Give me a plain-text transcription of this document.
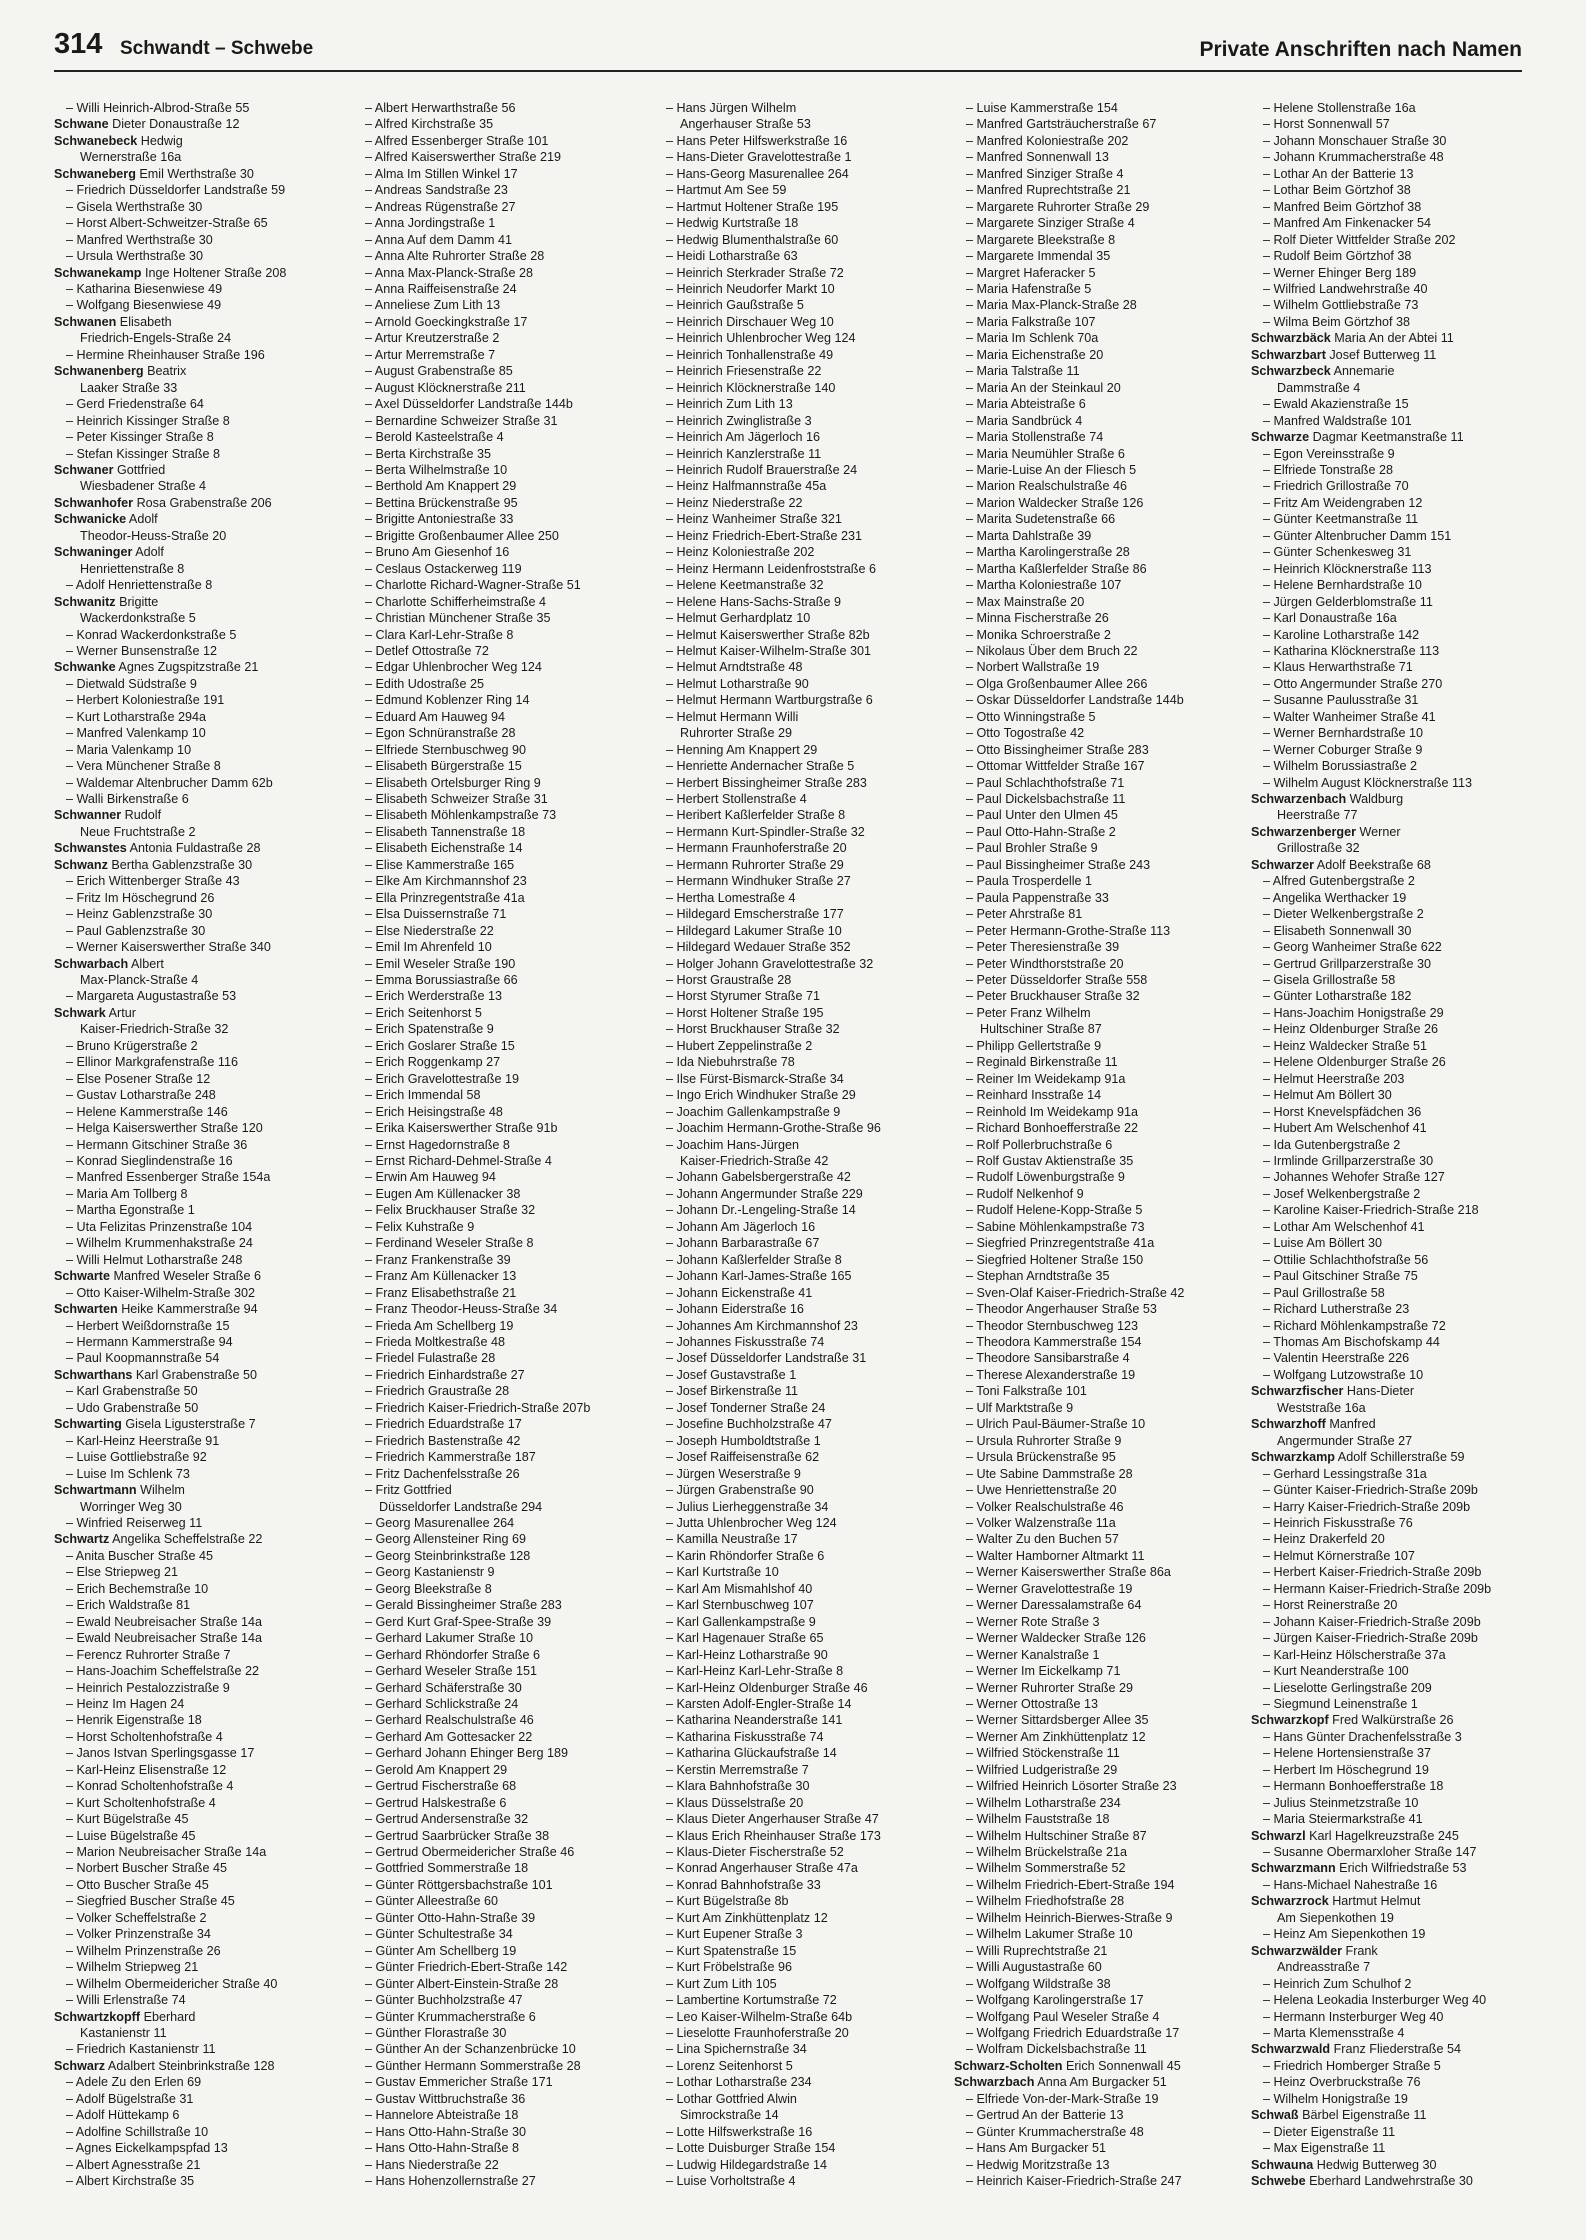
314 Schwandt – Schwebe	Private Anschriften nach Namen
– Willi Heinrich-Albrod-Straße 55
Schwane Dieter Donaustraße 12
Schwanebeck Hedwig
Wernerstraße 16a
Schwaneberg Emil Werthstraße 30
– Friedrich Düsseldorfer Landstraße 59
– Gisela Werthstraße 30
– Horst Albert-Schweitzer-Straße 65
– Manfred Werthstraße 30
– Ursula Werthstraße 30
Schwanekamp Inge Holtener Straße 208
– Katharina Biesenwiese 49
– Wolfgang Biesenwiese 49
Schwanen Elisabeth
Friedrich-Engels-Straße 24
– Hermine Rheinhauser Straße 196
Schwanenberg Beatrix
Laaker Straße 33
– Gerd Friedenstraße 64
– Heinrich Kissinger Straße 8
– Peter Kissinger Straße 8
– Stefan Kissinger Straße 8
Schwaner Gottfried
Wiesbadener Straße 4
Schwanhofer Rosa Grabenstraße 206
Schwanicke Adolf
Theodor-Heuss-Straße 20
Schwaninger Adolf
Henriettenstraße 8
– Adolf Henriettenstraße 8
Schwanitz Brigitte
Wackerdonkstraße 5
– Konrad Wackerdonkstraße 5
– Werner Bunsenstraße 12
Schwanke Agnes Zugspitzstraße 21
– Dietwald Südstraße 9
– Herbert Koloniestraße 191
– Kurt Lotharstraße 294a
– Manfred Valenkamp 10
– Maria Valenkamp 10
– Vera Münchener Straße 8
– Waldemar Altenbrucher Damm 62b
– Walli Birkenstraße 6
Schwanner Rudolf
Neue Fruchtstraße 2
Schwanstes Antonia Fuldastraße 28
Schwanz Bertha Gablenzstraße 30
– Erich Wittenberger Straße 43
– Fritz Im Höschegrund 26
– Heinz Gablenzstraße 30
– Paul Gablenzstraße 30
– Werner Kaiserswerther Straße 340
Schwarbach Albert
Max-Planck-Straße 4
– Margareta Augustastraße 53
Schwark Artur
Kaiser-Friedrich-Straße 32
– Bruno Krügerstraße 2
– Ellinor Markgrafenstraße 116
– Else Posener Straße 12
– Gustav Lotharstraße 248
– Helene Kammerstraße 146
– Helga Kaiserswerther Straße 120
– Hermann Gitschiner Straße 36
– Konrad Sieglindenstraße 16
– Manfred Essenberger Straße 154a
– Maria Am Tollberg 8
– Martha Egonstraße 1
– Uta Felizitas Prinzenstraße 104
– Wilhelm Krummenhakstraße 24
– Willi Helmut Lotharstraße 248
Schwarte Manfred Weseler Straße 6
– Otto Kaiser-Wilhelm-Straße 302
Schwarten Heike Kammerstraße 94
– Herbert Weißdornstraße 15
– Hermann Kammerstraße 94
– Paul Koopmannstraße 54
Schwarthans Karl Grabenstraße 50
– Karl Grabenstraße 50
– Udo Grabenstraße 50
Schwarting Gisela Ligusterstraße 7
– Karl-Heinz Heerstraße 91
– Luise Gottliebstraße 92
– Luise Im Schlenk 73
Schwartmann Wilhelm
Worringer Weg 30
– Winfried Reiserweg 11
Schwartz Angelika Scheffelstraße 22
– Anita Buscher Straße 45
– Else Striepweg 21
– Erich Bechemstraße 10
– Erich Waldstraße 81
– Ewald Neubreisacher Straße 14a
– Ewald Neubreisacher Straße 14a
– Ferencz Ruhrorter Straße 7
– Hans-Joachim Scheffelstraße 22
– Heinrich Pestalozzistraße 9
– Heinz Im Hagen 24
– Henrik Eigenstraße 18
– Horst Scholtenhofstraße 4
– Janos Istvan Sperlingsgasse 17
– Karl-Heinz Elisenstraße 12
– Konrad Scholtenhofstraße 4
– Kurt Scholtenhofstraße 4
– Kurt Bügelstraße 45
– Luise Bügelstraße 45
– Marion Neubreisacher Straße 14a
– Norbert Buscher Straße 45
– Otto Buscher Straße 45
– Siegfried Buscher Straße 45
– Volker Scheffelstraße 2
– Volker Prinzenstraße 34
– Wilhelm Prinzenstraße 26
– Wilhelm Striepweg 21
– Wilhelm Obermeidericher Straße 40
– Willi Erlenstraße 74
Schwartzkopff Eberhard
Kastanienstr 11
– Friedrich Kastanienstr 11
Schwarz Adalbert Steinbrinkstraße 128
– Adele Zu den Erlen 69
– Adolf Bügelstraße 31
– Adolf Hüttekamp 6
– Adolfine Schillstraße 10
– Agnes Eickelkampspfad 13
– Albert Agnesstraße 21
– Albert Kirchstraße 35
– Albert Herwarthstraße 56
– Alfred Kirchstraße 35
– Alfred Essenberger Straße 101
– Alfred Kaiserswerther Straße 219
– Alma Im Stillen Winkel 17
– Andreas Sandstraße 23
– Andreas Rügenstraße 27
– Anna Jordingstraße 1
– Anna Auf dem Damm 41
– Anna Alte Ruhrorter Straße 28
– Anna Max-Planck-Straße 28
– Anna Raiffeisenstraße 24
– Anneliese Zum Lith 13
– Arnold Goeckingkstraße 17
– Artur Kreutzerstraße 2
– Artur Merremstraße 7
– August Grabenstraße 85
– August Klöcknerstraße 211
– Axel Düsseldorfer Landstraße 144b
– Bernardine Schweizer Straße 31
– Berold Kasteelstraße 4
– Berta Kirchstraße 35
– Berta Wilhelmstraße 10
– Berthold Am Knappert 29
– Bettina Brückenstraße 95
– Brigitte Antoniestraße 33
– Brigitte Großenbaumer Allee 250
– Bruno Am Giesenhof 16
– Ceslaus Ostackerweg 119
– Charlotte Richard-Wagner-Straße 51
– Charlotte Schifferheimstraße 4
– Christian Münchener Straße 35
– Clara Karl-Lehr-Straße 8
– Detlef Ottostraße 72
– Edgar Uhlenbrocher Weg 124
– Edith Udostraße 25
– Edmund Koblenzer Ring 14
– Eduard Am Hauweg 94
– Egon Schnüranstraße 28
– Elfriede Sternbuschweg 90
– Elisabeth Bürgerstraße 15
– Elisabeth Ortelsburger Ring 9
– Elisabeth Schweizer Straße 31
– Elisabeth Möhlenkampstraße 73
– Elisabeth Tannenstraße 18
– Elisabeth Eichenstraße 14
– Elise Kammerstraße 165
– Elke Am Kirchmannshof 23
– Ella Prinzregentstraße 41a
– Elsa Duissernstraße 71
– Else Niederstraße 22
– Emil Im Ahrenfeld 10
– Emil Weseler Straße 190
– Emma Borussiastraße 66
– Erich Werderstraße 13
– Erich Seitenhorst 5
– Erich Spatenstraße 9
– Erich Goslarer Straße 15
– Erich Roggenkamp 27
– Erich Gravelottestraße 19
– Erich Immendal 58
– Erich Heisingstraße 48
– Erika Kaiserswerther Straße 91b
– Ernst Hagedornstraße 8
– Ernst Richard-Dehmel-Straße 4
– Erwin Am Hauweg 94
– Eugen Am Küllenacker 38
– Felix Bruckhauser Straße 32
– Felix Kuhstraße 9
– Ferdinand Weseler Straße 8
– Franz Frankenstraße 39
– Franz Am Küllenacker 13
– Franz Elisabethstraße 21
– Franz Theodor-Heuss-Straße 34
– Frieda Am Schellberg 19
– Frieda Moltkestraße 48
– Friedel Fulastraße 28
– Friedrich Einhardstraße 27
– Friedrich Graustraße 28
– Friedrich Kaiser-Friedrich-Straße 207b
– Friedrich Eduardstraße 17
– Friedrich Bastenstraße 42
– Friedrich Kammerstraße 187
– Fritz Dachenfelsstraße 26
– Fritz Gottfried
Düsseldorfer Landstraße 294
– Georg Masurenallee 264
– Georg Allensteiner Ring 69
– Georg Steinbrinkstraße 128
– Georg Kastanienstr 9
– Georg Bleekstraße 8
– Gerald Bissingheimer Straße 283
– Gerd Kurt Graf-Spee-Straße 39
– Gerhard Lakumer Straße 10
– Gerhard Rhöndorfer Straße 6
– Gerhard Weseler Straße 151
– Gerhard Schäferstraße 30
– Gerhard Schlickstraße 24
– Gerhard Realschulstraße 46
– Gerhard Am Gottesacker 22
– Gerhard Johann Ehinger Berg 189
– Gerold Am Knappert 29
– Gertrud Fischerstraße 68
– Gertrud Halskestraße 6
– Gertrud Andersenstraße 32
– Gertrud Saarbrücker Straße 38
– Gertrud Obermeidericher Straße 46
– Gottfried Sommerstraße 18
– Günter Röttgersbachstraße 101
– Günter Alleestraße 60
– Günter Otto-Hahn-Straße 39
– Günter Schultestraße 34
– Günter Am Schellberg 19
– Günter Friedrich-Ebert-Straße 142
– Günter Albert-Einstein-Straße 28
– Günter Buchholzstraße 47
– Günter Krummacherstraße 6
– Günther Florastraße 30
– Günther An der Schanzenbrücke 10
– Günther Hermann Sommerstraße 28
– Gustav Emmericher Straße 171
– Gustav Wittbruchstraße 36
– Hannelore Abteistraße 18
– Hans Otto-Hahn-Straße 30
– Hans Otto-Hahn-Straße 8
– Hans Niederstraße 22
– Hans Hohenzollernstraße 27
– Hans Jürgen Wilhelm
Angerhauser Straße 53
– Hans Peter Hilfswerkstraße 16
– Hans-Dieter Gravelottestraße 1
– Hans-Georg Masurenallee 264
– Hartmut Am See 59
– Hartmut Holtener Straße 195
– Hedwig Kurtstraße 18
– Hedwig Blumenthalstraße 60
– Heidi Lotharstraße 63
– Heinrich Sterkrader Straße 72
– Heinrich Neudorfer Markt 10
– Heinrich Gaußstraße 5
– Heinrich Dirschauer Weg 10
– Heinrich Uhlenbrocher Weg 124
– Heinrich Tonhallenstraße 49
– Heinrich Friesenstraße 22
– Heinrich Klöcknerstraße 140
– Heinrich Zum Lith 13
– Heinrich Zwinglistraße 3
– Heinrich Am Jägerloch 16
– Heinrich Kanzlerstraße 11
– Heinrich Rudolf Brauerstraße 24
– Heinz Halfmannstraße 45a
– Heinz Niederstraße 22
– Heinz Wanheimer Straße 321
– Heinz Friedrich-Ebert-Straße 231
– Heinz Koloniestraße 202
– Heinz Hermann Leidenfroststraße 6
– Helene Keetmanstraße 32
– Helene Hans-Sachs-Straße 9
– Helmut Gerhardplatz 10
– Helmut Kaiserswerther Straße 82b
– Helmut Kaiser-Wilhelm-Straße 301
– Helmut Arndtstraße 48
– Helmut Lotharstraße 90
– Helmut Hermann Wartburgstraße 6
– Helmut Hermann Willi
Ruhrorter Straße 29
– Henning Am Knappert 29
– Henriette Andernacher Straße 5
– Herbert Bissingheimer Straße 283
– Herbert Stollenstraße 4
– Heribert Kaßlerfelder Straße 8
– Hermann Kurt-Spindler-Straße 32
– Hermann Fraunhoferstraße 20
– Hermann Ruhrorter Straße 29
– Hermann Windhuker Straße 27
– Hertha Lomestraße 4
– Hildegard Emscherstraße 177
– Hildegard Lakumer Straße 10
– Hildegard Wedauer Straße 352
– Holger Johann Gravelottestraße 32
– Horst Graustraße 28
– Horst Styrumer Straße 71
– Horst Holtener Straße 195
– Horst Bruckhauser Straße 32
– Hubert Zeppelinstraße 2
– Ida Niebuhrstraße 78
– Ilse Fürst-Bismarck-Straße 34
– Ingo Erich Windhuker Straße 29
– Joachim Gallenkampstraße 9
– Joachim Hermann-Grothe-Straße 96
– Joachim Hans-Jürgen
Kaiser-Friedrich-Straße 42
– Johann Gabelsbergerstraße 42
– Johann Angermunder Straße 229
– Johann Dr.-Lengeling-Straße 14
– Johann Am Jägerloch 16
– Johann Barbarastraße 67
– Johann Kaßlerfelder Straße 8
– Johann Karl-James-Straße 165
– Johann Eickenstraße 41
– Johann Eiderstraße 16
– Johannes Am Kirchmannshof 23
– Johannes Fiskusstraße 74
– Josef Düsseldorfer Landstraße 31
– Josef Gustavstraße 1
– Josef Birkenstraße 11
– Josef Tonderner Straße 24
– Josefine Buchholzstraße 47
– Joseph Humboldtstraße 1
– Josef Raiffeisenstraße 62
– Jürgen Weserstraße 9
– Jürgen Grabenstraße 90
– Julius Lierheggenstraße 34
– Jutta Uhlenbrocher Weg 124
– Kamilla Neustraße 17
– Karin Rhöndorfer Straße 6
– Karl Kurtstraße 10
– Karl Am Mismahlshof 40
– Karl Sternbuschweg 107
– Karl Gallenkampstraße 9
– Karl Hagenauer Straße 65
– Karl-Heinz Lotharstraße 90
– Karl-Heinz Karl-Lehr-Straße 8
– Karl-Heinz Oldenburger Straße 46
– Karsten Adolf-Engler-Straße 14
– Katharina Neanderstraße 141
– Katharina Fiskusstraße 74
– Katharina Glückaufstraße 14
– Kerstin Merremstraße 7
– Klara Bahnhofstraße 30
– Klaus Düsselstraße 20
– Klaus Dieter Angerhauser Straße 47
– Klaus Erich Rheinhauser Straße 173
– Klaus-Dieter Fischerstraße 52
– Konrad Angerhauser Straße 47a
– Konrad Bahnhofstraße 33
– Kurt Bügelstraße 8b
– Kurt Am Zinkhüttenplatz 12
– Kurt Eupener Straße 3
– Kurt Spatenstraße 15
– Kurt Fröbelstraße 96
– Kurt Zum Lith 105
– Lambertine Kortumstraße 72
– Leo Kaiser-Wilhelm-Straße 64b
– Lieselotte Fraunhoferstraße 20
– Lina Spichernstraße 34
– Lorenz Seitenhorst 5
– Lothar Lotharstraße 234
– Lothar Gottfried Alwin
Simrockstraße 14
– Lotte Hilfswerkstraße 16
– Lotte Duisburger Straße 154
– Ludwig Hildegardstraße 14
– Luise Vorholtstraße 4
– Luise Kammerstraße 154
– Manfred Gartsträucherstraße 67
– Manfred Koloniestraße 202
– Manfred Sonnenwall 13
– Manfred Sinziger Straße 4
– Manfred Ruprechtstraße 21
– Margarete Ruhrorter Straße 29
– Margarete Sinziger Straße 4
– Margarete Bleekstraße 8
– Margarete Immendal 35
– Margret Haferacker 5
– Maria Hafenstraße 5
– Maria Max-Planck-Straße 28
– Maria Falkstraße 107
– Maria Im Schlenk 70a
– Maria Eichenstraße 20
– Maria Talstraße 11
– Maria An der Steinkaul 20
– Maria Abteistraße 6
– Maria Sandbrück 4
– Maria Stollenstraße 74
– Maria Neumühler Straße 6
– Marie-Luise An der Fliesch 5
– Marion Realschulstraße 46
– Marion Waldecker Straße 126
– Marita Sudetenstraße 66
– Marta Dahlstraße 39
– Martha Karolingerstraße 28
– Martha Kaßlerfelder Straße 86
– Martha Koloniestraße 107
– Max Mainstraße 20
– Minna Fischerstraße 26
– Monika Schroerstraße 2
– Nikolaus Über dem Bruch 22
– Norbert Wallstraße 19
– Olga Großenbaumer Allee 266
– Oskar Düsseldorfer Landstraße 144b
– Otto Winningstraße 5
– Otto Togostraße 42
– Otto Bissingheimer Straße 283
– Ottomar Wittfelder Straße 167
– Paul Schlachthofstraße 71
– Paul Dickelsbachstraße 11
– Paul Unter den Ulmen 45
– Paul Otto-Hahn-Straße 2
– Paul Brohler Straße 9
– Paul Bissingheimer Straße 243
– Paula Trosperdelle 1
– Paula Pappenstraße 33
– Peter Ahrstraße 81
– Peter Hermann-Grothe-Straße 113
– Peter Theresienstraße 39
– Peter Windthorststraße 20
– Peter Düsseldorfer Straße 558
– Peter Bruckhauser Straße 32
– Peter Franz Wilhelm
Hultschiner Straße 87
– Philipp Gellertstraße 9
– Reginald Birkenstraße 11
– Reiner Im Weidekamp 91a
– Reinhard Insstraße 14
– Reinhold Im Weidekamp 91a
– Richard Bonhoefferstraße 22
– Rolf Pollerbruchstraße 6
– Rolf Gustav Aktienstraße 35
– Rudolf Löwenburgstraße 9
– Rudolf Nelkenhof 9
– Rudolf Helene-Kopp-Straße 5
– Sabine Möhlenkampstraße 73
– Siegfried Prinzregentstraße 41a
– Siegfried Holtener Straße 150
– Stephan Arndtstraße 35
– Sven-Olaf Kaiser-Friedrich-Straße 42
– Theodor Angerhauser Straße 53
– Theodor Sternbuschweg 123
– Theodora Kammerstraße 154
– Theodore Sansibarstraße 4
– Therese Alexanderstraße 19
– Toni Falkstraße 101
– Ulf Marktstraße 9
– Ulrich Paul-Bäumer-Straße 10
– Ursula Ruhrorter Straße 9
– Ursula Brückenstraße 95
– Ute Sabine Dammstraße 28
– Uwe Henriettenstraße 20
– Volker Realschulstraße 46
– Volker Walzenstraße 11a
– Walter Zu den Buchen 57
– Walter Hamborner Altmarkt 11
– Werner Kaiserswerther Straße 86a
– Werner Gravelottestraße 19
– Werner Daressalamstraße 64
– Werner Rote Straße 3
– Werner Waldecker Straße 126
– Werner Kanalstraße 1
– Werner Im Eickelkamp 71
– Werner Ruhrorter Straße 29
– Werner Ottostraße 13
– Werner Sittardsberger Allee 35
– Werner Am Zinkhüttenplatz 12
– Wilfried Stöckenstraße 11
– Wilfried Ludgeristraße 29
– Wilfried Heinrich Lösorter Straße 23
– Wilhelm Lotharstraße 234
– Wilhelm Fauststraße 18
– Wilhelm Hultschiner Straße 87
– Wilhelm Brückelstraße 21a
– Wilhelm Sommerstraße 52
– Wilhelm Friedrich-Ebert-Straße 194
– Wilhelm Friedhofstraße 28
– Wilhelm Heinrich-Bierwes-Straße 9
– Wilhelm Lakumer Straße 10
– Willi Ruprechtstraße 21
– Willi Augustastraße 60
– Wolfgang Wildstraße 38
– Wolfgang Karolingerstraße 17
– Wolfgang Paul Weseler Straße 4
– Wolfgang Friedrich Eduardstraße 17
– Wolfram Dickelsbachstraße 11
Schwarz-Scholten Erich Sonnenwall 45
Schwarzbach Anna Am Burgacker 51
– Elfriede Von-der-Mark-Straße 19
– Gertrud An der Batterie 13
– Günter Krummacherstraße 48
– Hans Am Burgacker 51
– Hedwig Moritzstraße 13
– Heinrich Kaiser-Friedrich-Straße 247
– Helene Stollenstraße 16a
– Horst Sonnenwall 57
– Johann Monschauer Straße 30
– Johann Krummacherstraße 48
– Lothar An der Batterie 13
– Lothar Beim Görtzhof 38
– Manfred Beim Görtzhof 38
– Manfred Am Finkenacker 54
– Rolf Dieter Wittfelder Straße 202
– Rudolf Beim Görtzhof 38
– Werner Ehinger Berg 189
– Wilfried Landwehrstraße 40
– Wilhelm Gottliebstraße 73
– Wilma Beim Görtzhof 38
Schwarzbäck Maria An der Abtei 11
Schwarzbart Josef Butterweg 11
Schwarzbeck Annemarie
Dammstraße 4
– Ewald Akazienstraße 15
– Manfred Waldstraße 101
Schwarze Dagmar Keetmanstraße 11
– Egon Vereinsstraße 9
– Elfriede Tonstraße 28
– Friedrich Grillostraße 70
– Fritz Am Weidengraben 12
– Günter Keetmanstraße 11
– Günter Altenbrucher Damm 151
– Günter Schenkesweg 31
– Heinrich Klöcknerstraße 113
– Helene Bernhardstraße 10
– Jürgen Gelderblomstraße 11
– Karl Donaustraße 16a
– Karoline Lotharstraße 142
– Katharina Klöcknerstraße 113
– Klaus Herwarthstraße 71
– Otto Angermunder Straße 270
– Susanne Paulusstraße 31
– Walter Wanheimer Straße 41
– Werner Bernhardstraße 10
– Werner Coburger Straße 9
– Wilhelm Borussiastraße 2
– Wilhelm August Klöcknerstraße 113
Schwarzenbach Waldburg
Heerstraße 77
Schwarzenberger Werner
Grillostraße 32
Schwarzer Adolf Beekstraße 68
– Alfred Gutenbergstraße 2
– Angelika Werthacker 19
– Dieter Welkenbergstraße 2
– Elisabeth Sonnenwall 30
– Georg Wanheimer Straße 622
– Gertrud Grillparzerstraße 30
– Gisela Grillostraße 58
– Günter Lotharstraße 182
– Hans-Joachim Honigstraße 29
– Heinz Oldenburger Straße 26
– Heinz Waldecker Straße 51
– Helene Oldenburger Straße 26
– Helmut Heerstraße 203
– Helmut Am Böllert 30
– Horst Knevelspfädchen 36
– Hubert Am Welschenhof 41
– Ida Gutenbergstraße 2
– Irmlinde Grillparzerstraße 30
– Johannes Wehofer Straße 127
– Josef Welkenbergstraße 2
– Karoline Kaiser-Friedrich-Straße 218
– Lothar Am Welschenhof 41
– Luise Am Böllert 30
– Ottilie Schlachthofstraße 56
– Paul Gitschiner Straße 75
– Paul Grillostraße 58
– Richard Lutherstraße 23
– Richard Möhlenkampstraße 72
– Thomas Am Bischofskamp 44
– Valentin Heerstraße 226
– Wolfgang Lutzowstraße 10
Schwarzfischer Hans-Dieter
Weststraße 16a
Schwarzhoff Manfred
Angermunder Straße 27
Schwarzkamp Adolf Schillerstraße 59
– Gerhard Lessingstraße 31a
– Günter Kaiser-Friedrich-Straße 209b
– Harry Kaiser-Friedrich-Straße 209b
– Heinrich Fiskusstraße 76
– Heinz Drakerfeld 20
– Helmut Körnerstraße 107
– Herbert Kaiser-Friedrich-Straße 209b
– Hermann Kaiser-Friedrich-Straße 209b
– Horst Reinerstraße 20
– Johann Kaiser-Friedrich-Straße 209b
– Jürgen Kaiser-Friedrich-Straße 209b
– Karl-Heinz Hölscherstraße 37a
– Kurt Neanderstraße 100
– Lieselotte Gerlingstraße 209
– Siegmund Leinenstraße 1
Schwarzkopf Fred Walkürstraße 26
– Hans Günter Drachenfelsstraße 3
– Helene Hortensienstraße 37
– Herbert Im Höschegrund 19
– Hermann Bonhoefferstraße 18
– Julius Steinmetzstraße 10
– Maria Steiermarkstraße 41
Schwarzl Karl Hagelkreuzstraße 245
– Susanne Obermarxloher Straße 147
Schwarzmann Erich Wilfriedstraße 53
– Hans-Michael Nahestraße 16
Schwarzrock Hartmut Helmut
Am Siepenkothen 19
– Heinz Am Siepenkothen 19
Schwarzwälder Frank
Andreasstraße 7
– Heinrich Zum Schulhof 2
– Helena Leokadia Insterburger Weg 40
– Hermann Insterburger Weg 40
– Marta Klemensstraße 4
Schwarzwald Franz Fliederstraße 54
– Friedrich Homberger Straße 5
– Heinz Overbruckstraße 76
– Wilhelm Honigstraße 19
Schwaß Bärbel Eigenstraße 11
– Dieter Eigenstraße 11
– Max Eigenstraße 11
Schwauna Hedwig Butterweg 30
Schwebe Eberhard Landwehrstraße 30
